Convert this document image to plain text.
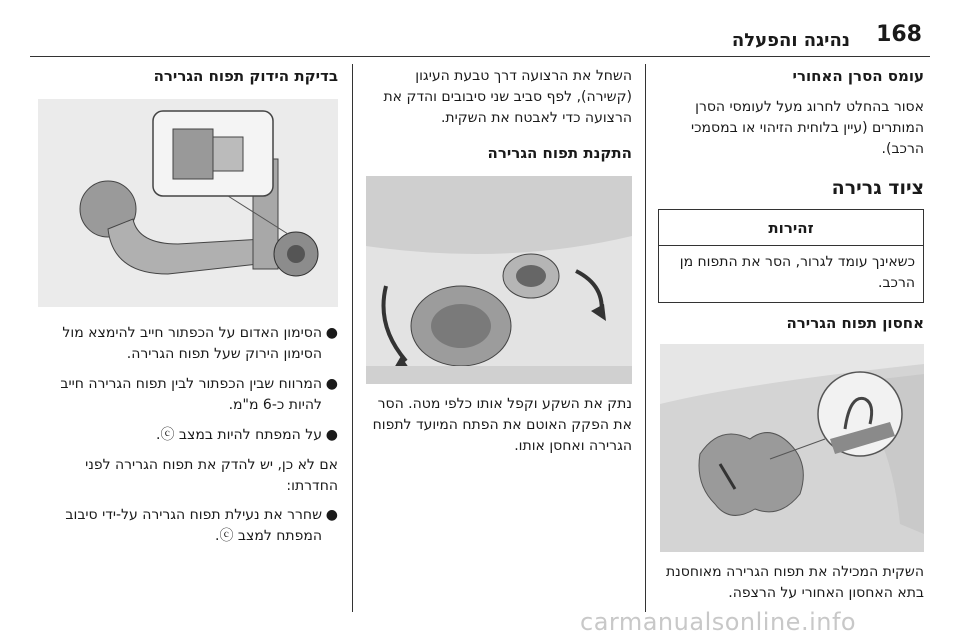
נהיגה והפעלה	168
עומס הסרן האחורי

אסור בהחלט לחרוג מעל לעומסי הסרן המותרים (עיין בלוחית הזיהוי או במסמכי הרכב).

ציוד גרירה
זהירות
כשאינך עומד לגרור, הסר את התפוח מן הרכב.
אחסון תפוח הגרירה

השקית המכילה את תפוח הגרירה מאוחסנת בתא האחסון האחורי על הרצפה.

השחל את הרצועה דרך טבעת העיגון (קשירה), לפף סביב שני סיבובים והדק את הרצועה כדי לאבטח את השקית.

התקנת תפוח הגרירה

נתק את השקע וקפל אותו כלפי מטה. הסר את הפקק האוטם את הפתח המיועד לתפוח הגרירה ואחסן אותו.

בדיקת הידוק תפוח הגרירה
●
הסימון האדום על הכפתור חייב להימצא מול הסימון הירוק שעל תפוח הגרירה.
●
המרווח שבין הכפתור לבין תפוח הגרירה חייב להיות כ-6 מ"מ.
●
על המפתח להיות במצב ⓒ.

אם לא כן, יש להדק את תפוח הגרירה לפני החדרתו:

●
שחרר את נעילת תפוח הגרירה על-ידי סיבוב המפתח למצב ⓒ.
carmanualsonline.info
